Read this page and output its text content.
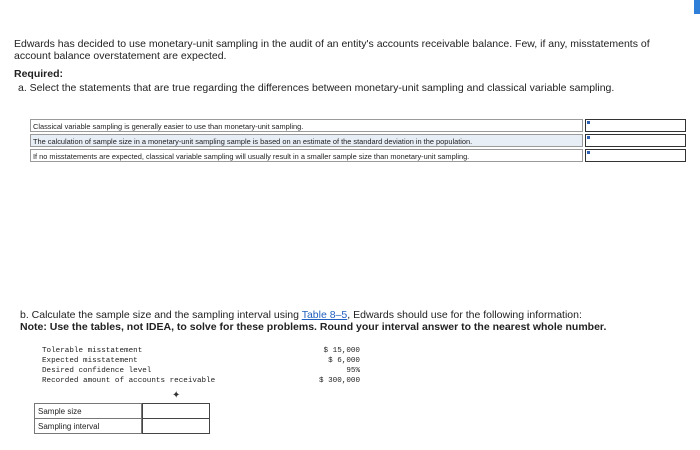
Edwards has decided to use monetary-unit sampling in the audit of an entity's accounts receivable balance. Few, if any, misstatements of account balance overstatement are expected.
Required:
a. Select the statements that are true regarding the differences between monetary-unit sampling and classical variable sampling.
Classical variable sampling is generally easier to use than monetary-unit sampling.
The calculation of sample size in a monetary-unit sampling sample is based on an estimate of the standard deviation in the population.
If no misstatements are expected, classical variable sampling will usually result in a smaller sample size than monetary-unit sampling.
b. Calculate the sample size and the sampling interval using Table 8–5, Edwards should use for the following information:
Note: Use the tables, not IDEA, to solve for these problems. Round your interval answer to the nearest whole number.
Tolerable misstatement	$ 15,000
Expected misstatement	$ 6,000
Desired confidence level	95%
Recorded amount of accounts receivable	$ 300,000
✦
Sample size
Sampling interval
